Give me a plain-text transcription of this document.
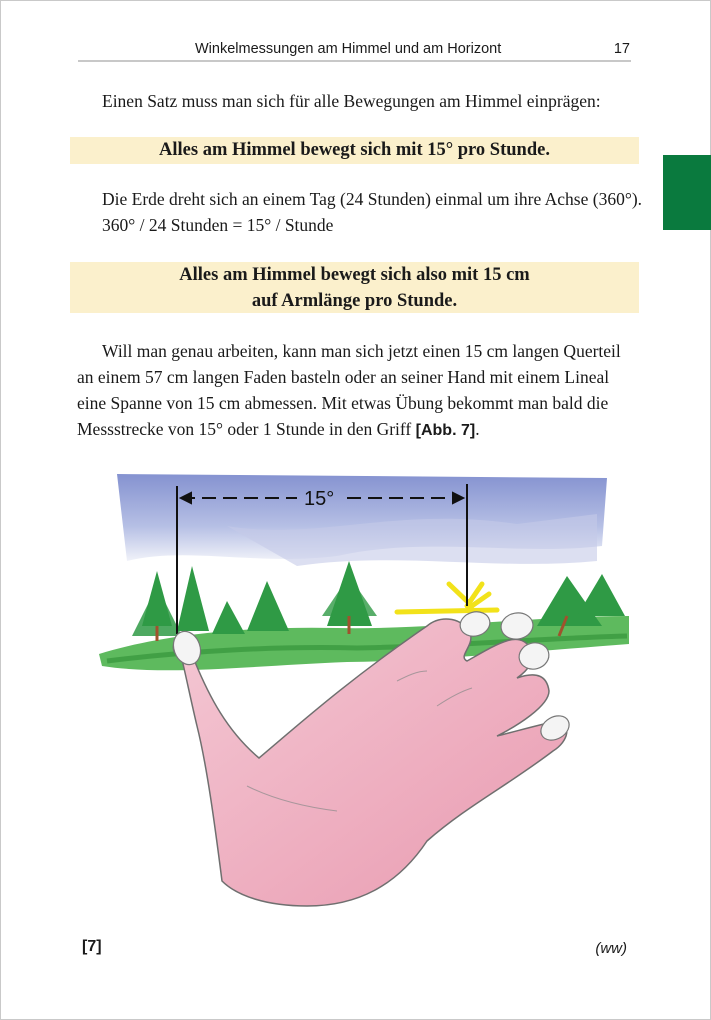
Winkelmessungen am Himmel und am Horizont	17

Einen Satz muss man sich für alle Bewegungen am Himmel einprägen:

Alles am Himmel bewegt sich mit 15° pro Stunde.

Die Erde dreht sich an einem Tag (24 Stunden) einmal um ihre Achse (360°).
360° / 24 Stunden = 15° / Stunde

Alles am Himmel bewegt sich also mit 15 cm
auf Armlänge pro Stunde.

Will man genau arbeiten, kann man sich jetzt einen 15 cm langen Querteil an einem 57 cm langen Faden basteln oder an seiner Hand mit einem Lineal eine Spanne von 15 cm abmessen. Mit etwas Übung bekommt man bald die Messstrecke von 15° oder 1 Stunde in den Griff [Abb. 7].

15°
[7]	(ww)
